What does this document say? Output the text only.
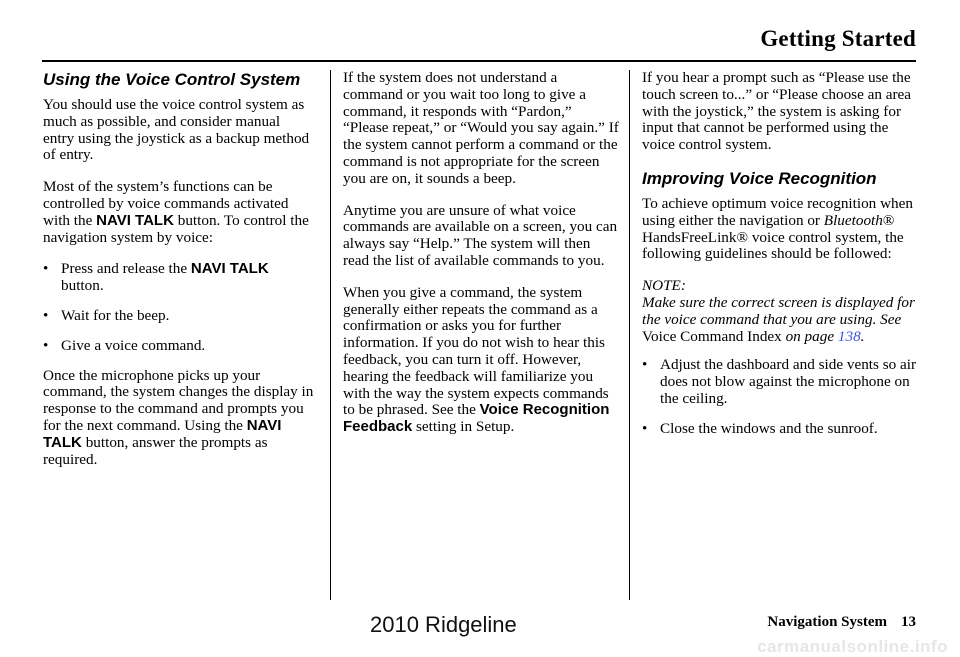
Getting Started
Using the Voice Control System

You should use the voice control system as much as possible, and consider manual entry using the joystick as a backup method of entry.

Most of the system’s functions can be controlled by voice commands activated with the NAVI TALK button. To control the navigation system by voice:

• Press and release the NAVI TALK button.
• Wait for the beep.
• Give a voice command.

Once the microphone picks up your command, the system changes the display in response to the command and prompts you for the next command. Using the NAVI TALK button, answer the prompts as required.

If the system does not understand a command or you wait too long to give a command, it responds with “Pardon,” “Please repeat,” or “Would you say again.” If the system cannot perform a command or the command is not appropriate for the screen you are on, it sounds a beep.

Anytime you are unsure of what voice commands are available on a screen, you can always say “Help.” The system will then read the list of available commands to you.

When you give a command, the system generally either repeats the command as a confirmation or asks you for further information. If you do not wish to hear this feedback, you can turn it off. However, hearing the feedback will familiarize you with the way the system expects commands to be phrased. See the Voice Recognition Feedback setting in Setup.

If you hear a prompt such as “Please use the touch screen to...” or “Please choose an area with the joystick,” the system is asking for input that cannot be performed using the voice control system.

Improving Voice Recognition

To achieve optimum voice recognition when using either the navigation or Bluetooth® HandsFreeLink® voice control system, the following guidelines should be followed:

NOTE:
Make sure the correct screen is displayed for the voice command that you are using. See Voice Command Index on page 138.

• Adjust the dashboard and side vents so air does not blow against the microphone on the ceiling.
• Close the windows and the sunroof.
Navigation System 13
2010 Ridgeline
carmanualsonline.info
